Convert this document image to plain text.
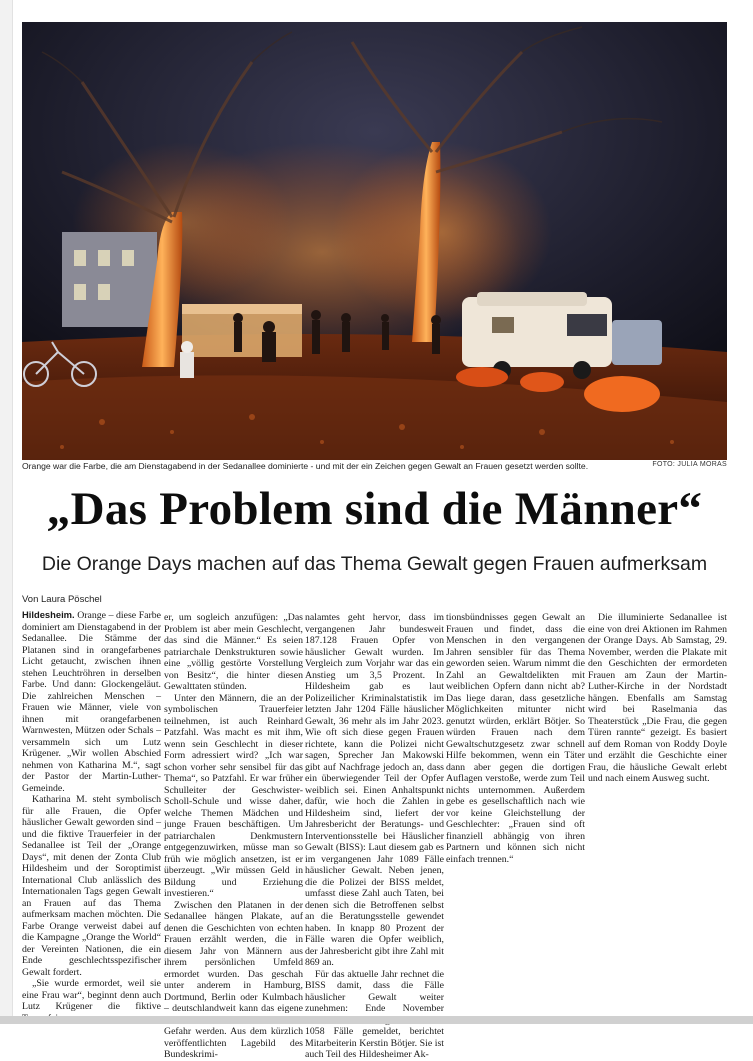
Orange war die Farbe, die am Dienstagabend in der Sedanallee dominierte - und mit der ein Zeichen gegen Gewalt an Frauen gesetzt werden sollte.	FOTO: JULIA MORAS
„Das Problem sind die Männer“
Die Orange Days machen auf das Thema Gewalt gegen Frauen aufmerksam
Von Laura Pöschel

Hildesheim. Orange – diese Farbe dominiert am Dienstagabend in der Sedanallee. Die Stämme der Platanen sind in orangefarbenes Licht getaucht, zwischen ihnen stehen Leuchtröhren in derselben Farbe. Und dann: Glockengeläut. Die zahlreichen Menschen – Frauen wie Männer, viele von ihnen mit orangefarbenen Warnwesten, Mützen oder Schals – versammeln sich um Lutz Krügener. „Wir wollen Abschied nehmen von Katharina M.“, sagt der Pastor der Martin-Luther-Gemeinde.

Katharina M. steht symbolisch für alle Frauen, die Opfer häuslicher Gewalt geworden sind – und die fiktive Trauerfeier in der Sedanallee ist Teil der „Orange Days“, mit denen der Zonta Club Hildesheim und der Soroptimist International Club anlässlich des Internationalen Tags gegen Gewalt an Frauen auf das Thema aufmerksam machen möchten. Die Farbe Orange verweist dabei auf die Kampagne „Orange the World“ der Vereinten Nationen, die ein Ende geschlechtsspezifischer Gewalt fordert.

„Sie wurde ermordet, weil sie eine Frau war“, beginnt denn auch Lutz Krügener die fiktive

er, um sogleich anzufügen: „Das Problem ist aber mein Geschlecht, das sind die Männer.“ Es seien patriarchale Denkstrukturen sowie eine „völlig gestörte Vorstellung von Besitz“, die hinter diesen Gewalttaten stünden.

Unter den Männern, die an der symbolischen Trauerfeier teilnehmen, ist auch Reinhard Patzfahl. Was macht es mit ihm, wenn sein Geschlecht in dieser Form adressiert wird? „Ich war schon vorher sehr sensibel für das Thema“, so Patzfahl. Er war früher Schulleiter der Geschwister-Scholl-Schule und wisse daher, welche Themen Mädchen und junge Frauen beschäftigen. Um patriarchalen Denkmustern entgegenzuwirken, müsse man so früh wie möglich ansetzen, ist er überzeugt. „Wir müssen Geld in Bildung und Erziehung investieren.“

Zwischen den Platanen in der Sedanallee hängen Plakate, auf denen die Geschichten von echten Frauen erzählt werden, die in diesem Jahr von Männern aus ihrem persönlichen Umfeld ermordet wurden. Das geschah unter anderem in Hamburg, Dortmund, Berlin oder Kulmbach – deutschlandweit kann das eigene Gefahr werden. Aus dem kürzlich veröffentlichten Lagebild des Bundeskrimi-

nalamtes geht hervor, dass im vergangenen Jahr bundesweit 187.128 Frauen Opfer von häuslicher Gewalt wurden. Im Vergleich zum Vorjahr war das ein Anstieg um 3,5 Prozent. In Hildesheim gab es laut Polizeilicher Kriminalstatistik im letzten Jahr 1204 Fälle häuslicher Gewalt, 36 mehr als im Jahr 2023. Wie oft sich diese gegen Frauen richtete, kann die Polizei nicht sagen, Sprecher Jan Makowski gibt auf Nachfrage jedoch an, dass ein überwiegender Teil der Opfer weiblich sei. Einen Anhaltspunkt dafür, wie hoch die Zahlen in Hildesheim sind, liefert der Jahresbericht der Beratungs- und Interventionsstelle bei Häuslicher Gewalt (BISS): Laut diesem gab es im vergangenen Jahr 1089 Fälle häuslicher Gewalt. Neben jenen, die die Polizei der BISS meldet, umfasst diese Zahl auch Taten, bei denen sich die Betroffenen selbst an die Beratungsstelle gewendet haben. In knapp 80 Prozent der Fälle waren die Opfer weiblich, der Jahresbericht gibt ihre Zahl mit 869 an.

Für das aktuelle Jahr rechnet die BISS damit, dass die Fälle häuslicher Gewalt weiter zunehmen: Ende November 1058 Fälle gemeldet, berichtet Mitarbeiterin Kerstin Bötjer. Sie ist auch Teil des Hildesheimer Ak-

tionsbündnisses gegen Gewalt an Frauen und findet, dass die Menschen in den vergangenen Jahren sensibler für das Thema geworden seien. Warum nimmt die Zahl an Gewaltdelikten mit weiblichen Opfern dann nicht ab? Das liege daran, dass gesetzliche Möglichkeiten mitunter nicht genutzt würden, erklärt Bötjer. So würden Frauen nach dem Gewaltschutzgesetz zwar schnell Hilfe bekommen, wenn ein Täter dann aber gegen die dortigen Auflagen verstoße, werde zum Teil nichts unternommen. Außerdem gebe es gesellschaftlich nach wie vor keine Gleichstellung der Geschlechter: „Frauen sind oft finanziell abhängig von ihren Partnern und können sich nicht einfach trennen.“

Die illuminierte Sedanallee ist eine von drei Aktionen im Rahmen der Orange Days. Ab Samstag, 29. November, werden die Plakate mit den Geschichten der ermordeten Frauen am Zaun der Martin-Luther-Kirche in der Nordstadt hängen. Ebenfalls am Samstag wird bei Raselmania das Theaterstück „Die Frau, die gegen Türen rannte“ gezeigt. Es basiert auf dem Roman von Roddy Doyle und erzählt die Geschichte einer Frau, die häusliche Gewalt erlebt und nach einem Ausweg sucht.
